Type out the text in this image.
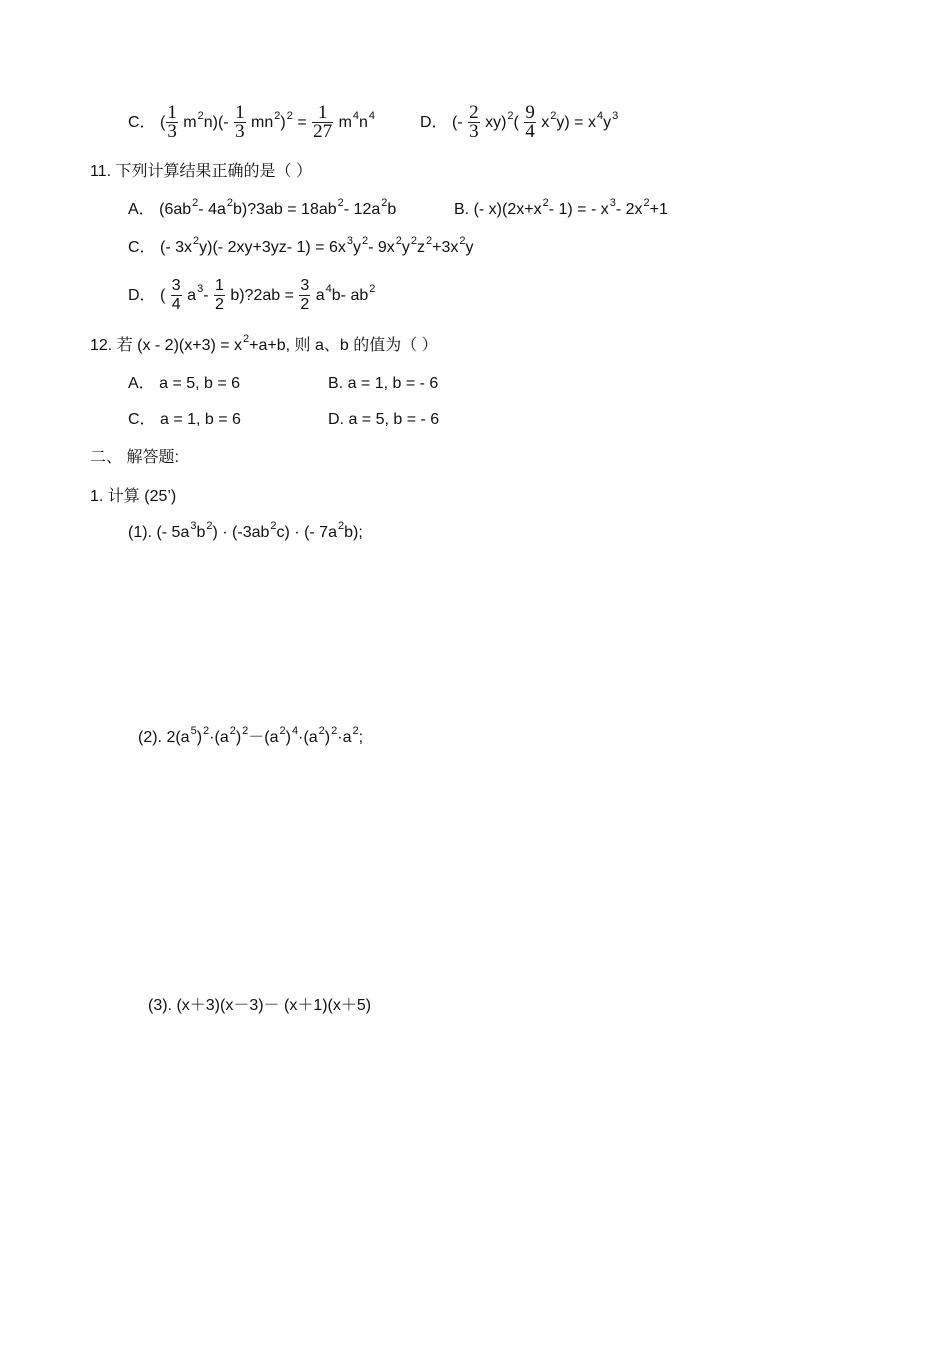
C． ( $\frac{1}{3} m^2n)(- \frac{1}{3} mn^2)^2 = \frac{1}{27} m^4n^4$	D． (- $\frac{2}{3} xy)^2( \frac{9}{4} x^2y) = x^4y^3$
11. 下列计算结果正确的是（ ）
A． ($6ab^2-$ $4a^2b)?3ab = 18ab^2-$ $12a^2b$	B. (- $x)(2x+x^2-$ 1) = - $x^3-$ $2x^2+1$
C． (- $3x^2y)(-$ 2xy+3yz- $1) = 6x^3y^2-$ $9x^2y^2z^2+3x^2y$
D． ( $\frac{3}{4} a^3- \frac{1}{2}$ b)?2ab = $\frac{3}{2} a^4b-$ $ab^2$
12. 若 $(x - 2)(x+3) = x^2+a+b$, 则 a、b 的值为（ ）
A． a = 5, b = 6	B. a = 1, b = - 6
C． a = 1, b = 6	D. a = 5, b = - 6
二、 解答题:
1. 计算 (25’)
(1). (- $5a^3b^2) \cdot (-3ab^2c)$ · (- $7a^2b$);
(2). $2(a^5)^2\cdot(a^2)^2-(a^2)^4\cdot(a^2)^2\cdot a^2$;
(3). (x＋3)(x－3)－ (x＋1)(x＋5)
